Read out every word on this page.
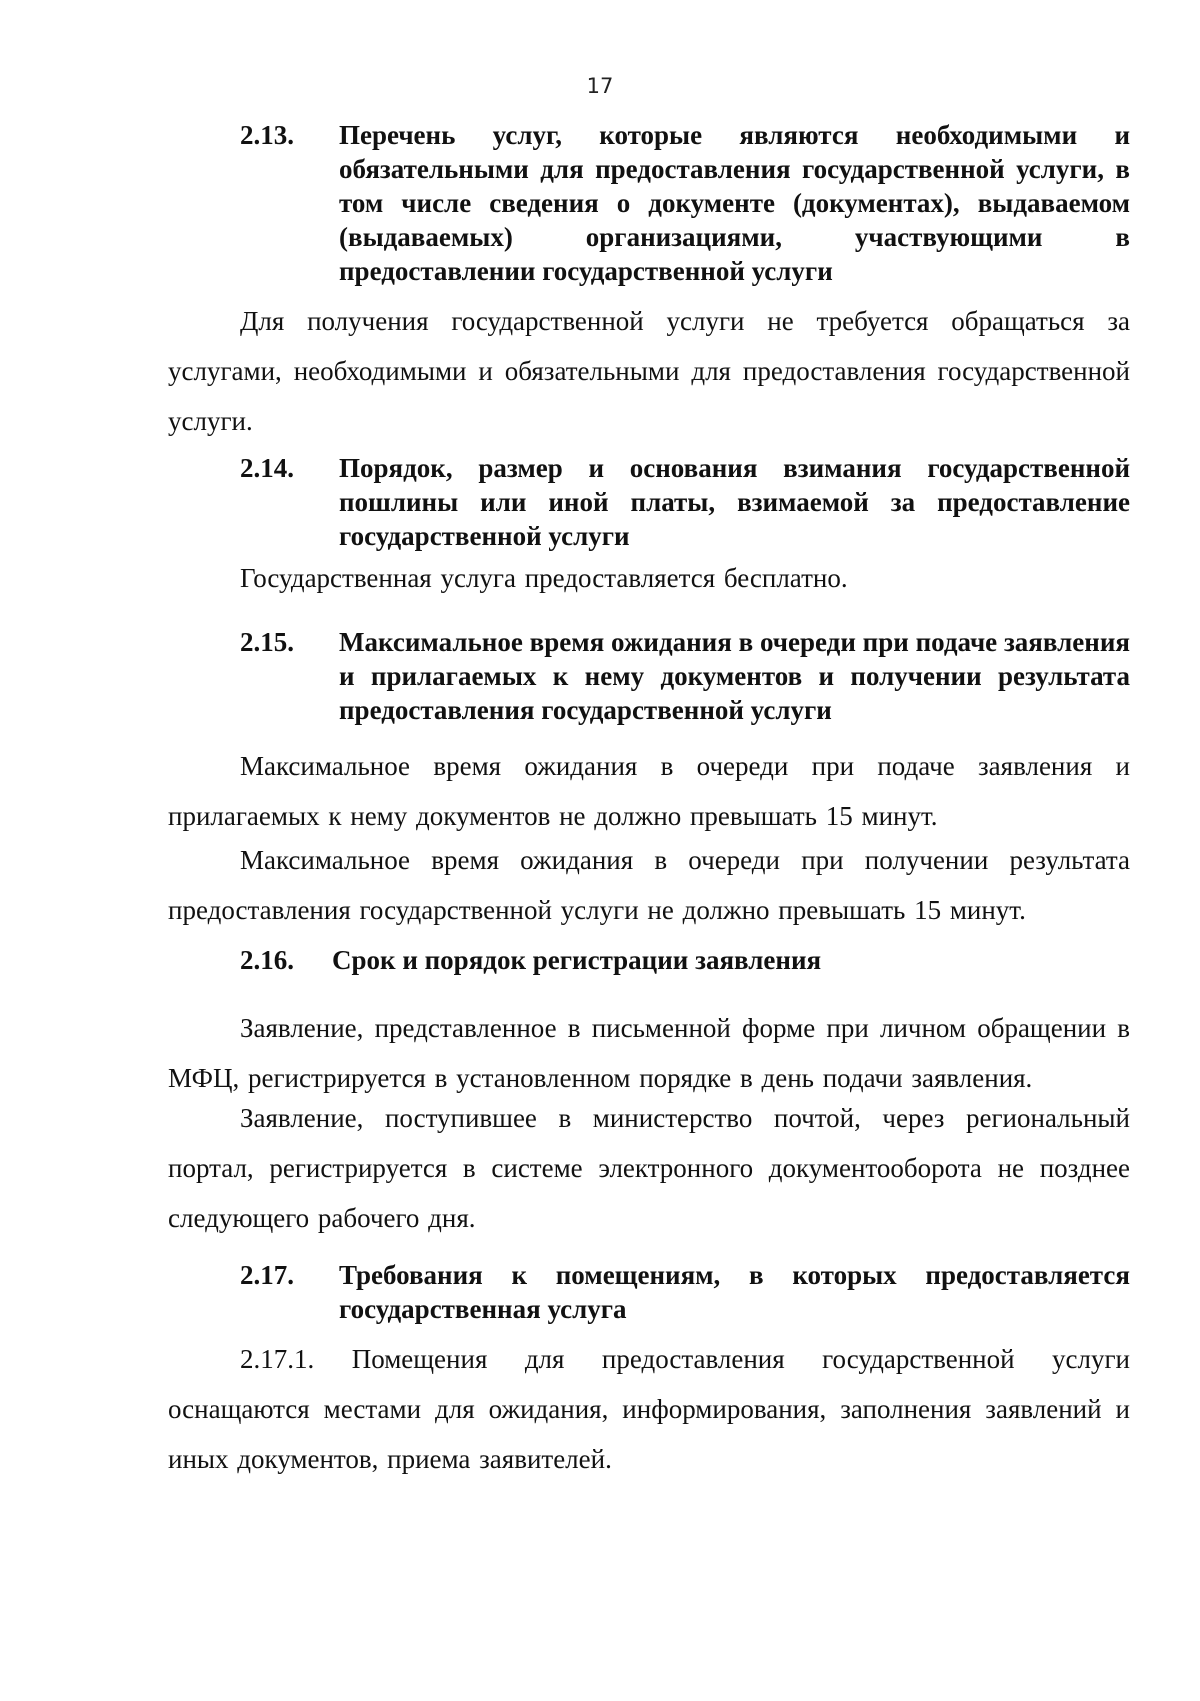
17
2.13.	Перечень услуг, которые являются необходимыми и обязательными для предоставления государственной услуги, в том числе сведения о документе (документах), выдаваемом (выдаваемых) организациями, участвующими в предоставлении государственной услуги
Для получения государственной услуги не требуется обращаться за услугами, необходимыми и обязательными для предоставления государственной услуги.
2.14.	Порядок, размер и основания взимания государственной пошлины или иной платы, взимаемой за предоставление государственной услуги
Государственная услуга предоставляется бесплатно.
2.15.	Максимальное время ожидания в очереди при подаче заявления и прилагаемых к нему документов и получении результата предоставления государственной услуги
Максимальное время ожидания в очереди при подаче заявления и прилагаемых к нему документов не должно превышать 15 минут.
Максимальное время ожидания в очереди при получении результата предоставления государственной услуги не должно превышать 15 минут.
2.16.	Срок и порядок регистрации заявления
Заявление, представленное в письменной форме при личном обращении в МФЦ, регистрируется в установленном порядке в день подачи заявления.
Заявление, поступившее в министерство почтой, через региональный портал, регистрируется в системе электронного документооборота не позднее следующего рабочего дня.
2.17.	Требования к помещениям, в которых предоставляется государственная услуга
2.17.1. Помещения для предоставления государственной услуги оснащаются местами для ожидания, информирования, заполнения заявлений и иных документов, приема заявителей.
